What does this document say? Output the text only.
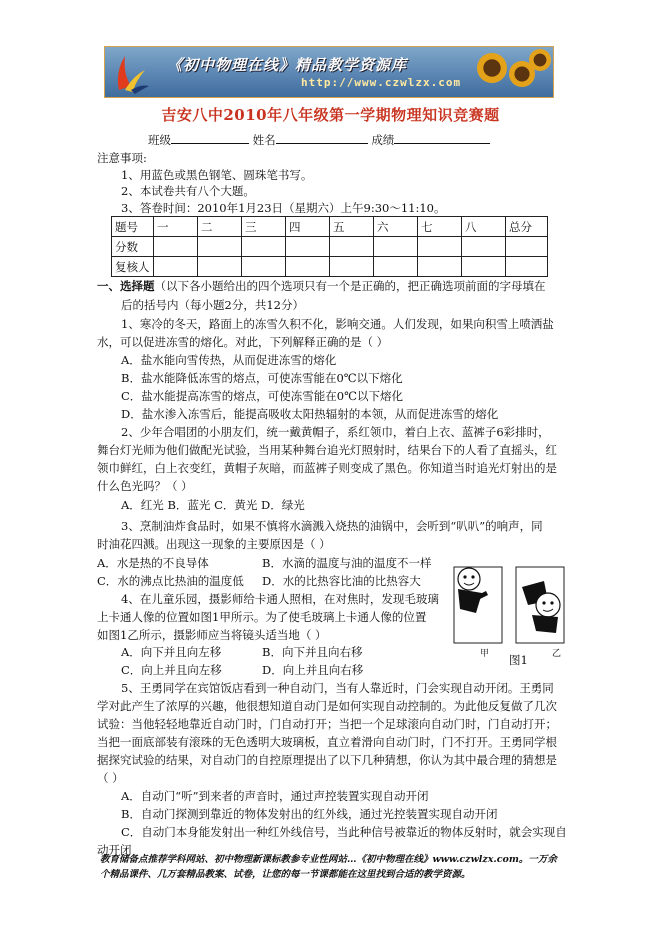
《初中物理在线》精品教学资源库
http://www.czwlzx.com
吉安八中2010年八年级第一学期物理知识竞赛题
班级	姓名	成绩
注意事项:
1、用蓝色或黑色钢笔、圆珠笔书写。
2、本试卷共有八个大题。
3、答卷时间：2010年1月23日（星期六）上午9:30～11:10。
题号	一	二	三	四	五	六	七	八	总分
分数									
复核人									
一、选择题（以下各小题给出的四个选项只有一个是正确的，把正确选项前面的字母填在
后的括号内（每小题2分，共12分）
1、寒冷的冬天，路面上的冻雪久积不化，影响交通。人们发现，如果向积雪上喷洒盐
水，可以促进冻雪的熔化。对此，下列解释正确的是（ ）
A．盐水能向雪传热，从而促进冻雪的熔化
B．盐水能降低冻雪的熔点，可使冻雪能在0℃以下熔化
C．盐水能提高冻雪的熔点，可使冻雪能在0℃以下熔化
D．盐水渗入冻雪后，能提高吸收太阳热辐射的本领，从而促进冻雪的熔化
2、少年合唱团的小朋友们，统一戴黄帽子，系红领巾，着白上衣、蓝裤子6彩排时，
舞台灯光师为他们做配光试验，当用某种舞台追光灯照射时，结果台下的人看了直摇头，红
领巾鲜红，白上衣变红，黄帽子灰暗，而蓝裤子则变成了黑色。你知道当时追光灯射出的是
什么色光吗？（ ）
A．红光 B．蓝光 C．黄光 D．绿光
3、烹制油炸食品时，如果不慎将水滴溅入烧热的油锅中，会听到“叭叭”的响声，同
时油花四溅。出现这一现象的主要原因是（ ）
A．水是热的不良导体	B．水滴的温度与油的温度不一样
C．水的沸点比热油的温度低 D．水的比热容比油的比热容大
4、在儿童乐园，摄影师给卡通人照相，在对焦时，发现毛玻璃
上卡通人像的位置如图1甲所示。为了使毛玻璃上卡通人像的位置
如图1乙所示，摄影师应当将镜头适当地（ ）
A．向下并且向左移	B．向下并且向右移
C．向上并且向左移	D．向上并且向右移
5、王勇同学在宾馆饭店看到一种自动门，当有人靠近时，门会实现自动开闭。王勇同
学对此产生了浓厚的兴趣，他很想知道自动门是如何实现自动控制的。为此他反复做了几次
试验：当他轻轻地靠近自动门时，门自动打开；当把一个足球滚向自动门时，门自动打开；
当把一面底部装有滚珠的无色透明大玻璃板，直立着滑向自动门时，门不打开。王勇同学根
据探究试验的结果，对自动门的自控原理提出了以下几种猜想，你认为其中最合理的猜想是
（ ）
A．自动门“听”到来者的声音时，通过声控装置实现自动开闭
B．自动门探测到靠近的物体发射出的红外线，通过光控装置实现自动开闭
C．自动门本身能发射出一种红外线信号，当此种信号被靠近的物体反射时，就会实现自
动开闭
甲 图1	乙
教育储备点推荐学科网站、初中物理新课标教参专业性网站…《初中物理在线》www.czwlzx.com。一万余
个精品课件、几万套精品教案、试卷，让您的每一节课都能在这里找到合适的教学资源。
